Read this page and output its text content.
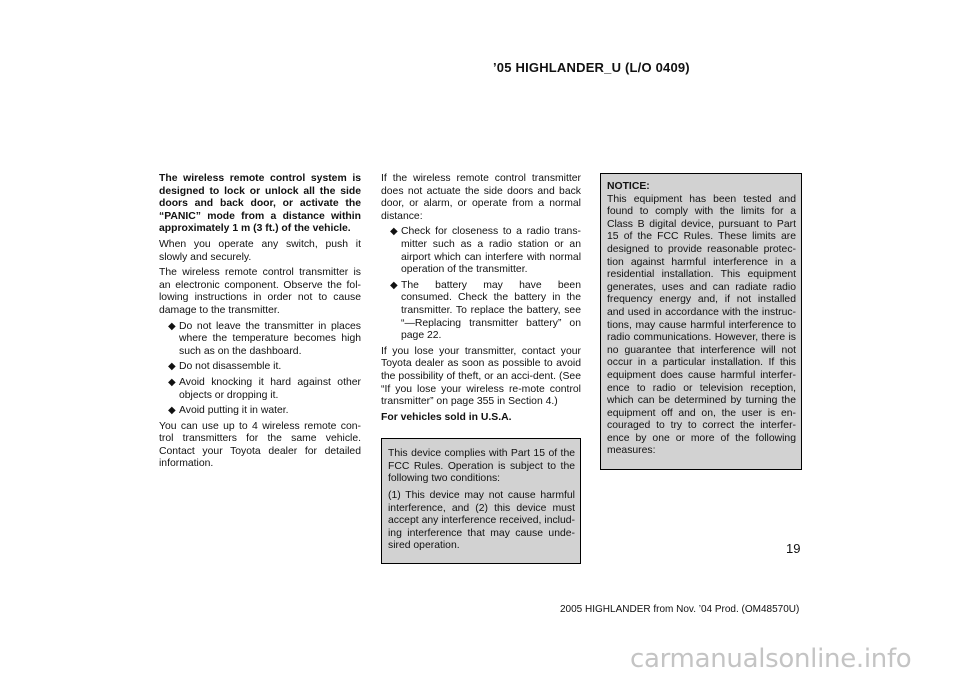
’05 HIGHLANDER_U (L/O 0409)

The wireless remote control system is designed to lock or unlock all the side doors and back door, or activate the “PANIC” mode from a distance within approximately 1 m (3 ft.) of the vehicle.

When you operate any switch, push it slowly and securely.

The wireless remote control transmitter is an electronic component. Observe the fol-lowing instructions in order not to cause damage to the transmitter.

◆ Do not leave the transmitter in places where the temperature becomes high such as on the dashboard.
◆ Do not disassemble it.
◆ Avoid knocking it hard against other objects or dropping it.
◆ Avoid putting it in water.

You can use up to 4 wireless remote con-trol transmitters for the same vehicle. Contact your Toyota dealer for detailed information.

If the wireless remote control transmitter does not actuate the side doors and back door, or alarm, or operate from a normal distance:

◆ Check for closeness to a radio trans-mitter such as a radio station or an airport which can interfere with normal operation of the transmitter.
◆ The battery may have been consumed. Check the battery in the transmitter. To replace the battery, see “—Replacing transmitter battery” on page 22.

If you lose your transmitter, contact your Toyota dealer as soon as possible to avoid the possibility of theft, or an acci-dent. (See “If you lose your wireless re-mote control transmitter” on page 355 in Section 4.)

For vehicles sold in U.S.A.

This device complies with Part 15 of the FCC Rules. Operation is subject to the following two conditions:

(1) This device may not cause harmful interference, and (2) this device must accept any interference received, includ-ing interference that may cause unde-sired operation.

NOTICE:

This equipment has been tested and found to comply with the limits for a Class B digital device, pursuant to Part 15 of the FCC Rules. These limits are designed to provide reasonable protec-tion against harmful interference in a residential installation. This equipment generates, uses and can radiate radio frequency energy and, if not installed and used in accordance with the instruc-tions, may cause harmful interference to radio communications. However, there is no guarantee that interference will not occur in a particular installation. If this equipment does cause harmful interfer-ence to radio or television reception, which can be determined by turning the equipment off and on, the user is en-couraged to try to correct the interfer-ence by one or more of the following measures:

19
2005 HIGHLANDER from Nov. ’04 Prod. (OM48570U)
carmanualsonline.info
